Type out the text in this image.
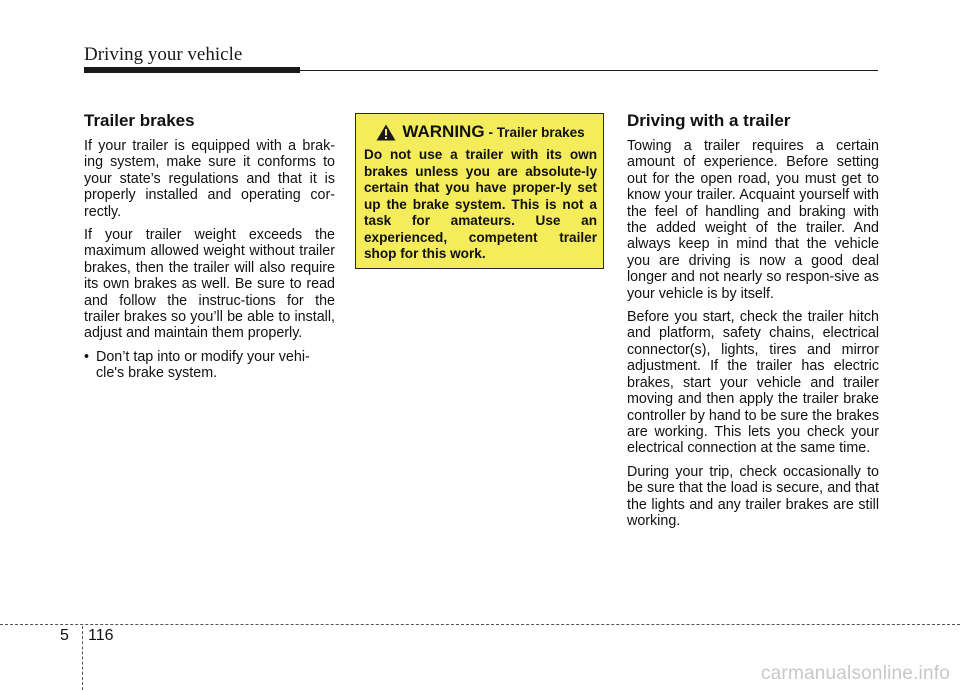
Driving your vehicle
Trailer brakes

If your trailer is equipped with a brak-ing system, make sure it conforms to your state’s regulations and that it is properly installed and operating cor-rectly.

If your trailer weight exceeds the maximum allowed weight without trailer brakes, then the trailer will also require its own brakes as well. Be sure to read and follow the instruc-tions for the trailer brakes so you’ll be able to install, adjust and maintain them properly.

• Don’t tap into or modify your vehi-cle's brake system.
WARNING - Trailer brakes

Do not use a trailer with its own brakes unless you are absolute-ly certain that you have proper-ly set up the brake system. This is not a task for amateurs. Use an experienced, competent trailer shop for this work.

Driving with a trailer

Towing a trailer requires a certain amount of experience. Before setting out for the open road, you must get to know your trailer. Acquaint yourself with the feel of handling and braking with the added weight of the trailer. And always keep in mind that the vehicle you are driving is now a good deal longer and not nearly so respon-sive as your vehicle is by itself.

Before you start, check the trailer hitch and platform, safety chains, electrical connector(s), lights, tires and mirror adjustment. If the trailer has electric brakes, start your vehicle and trailer moving and then apply the trailer brake controller by hand to be sure the brakes are working. This lets you check your electrical connection at the same time.

During your trip, check occasionally to be sure that the load is secure, and that the lights and any trailer brakes are still working.

5 116
carmanualsonline.info
